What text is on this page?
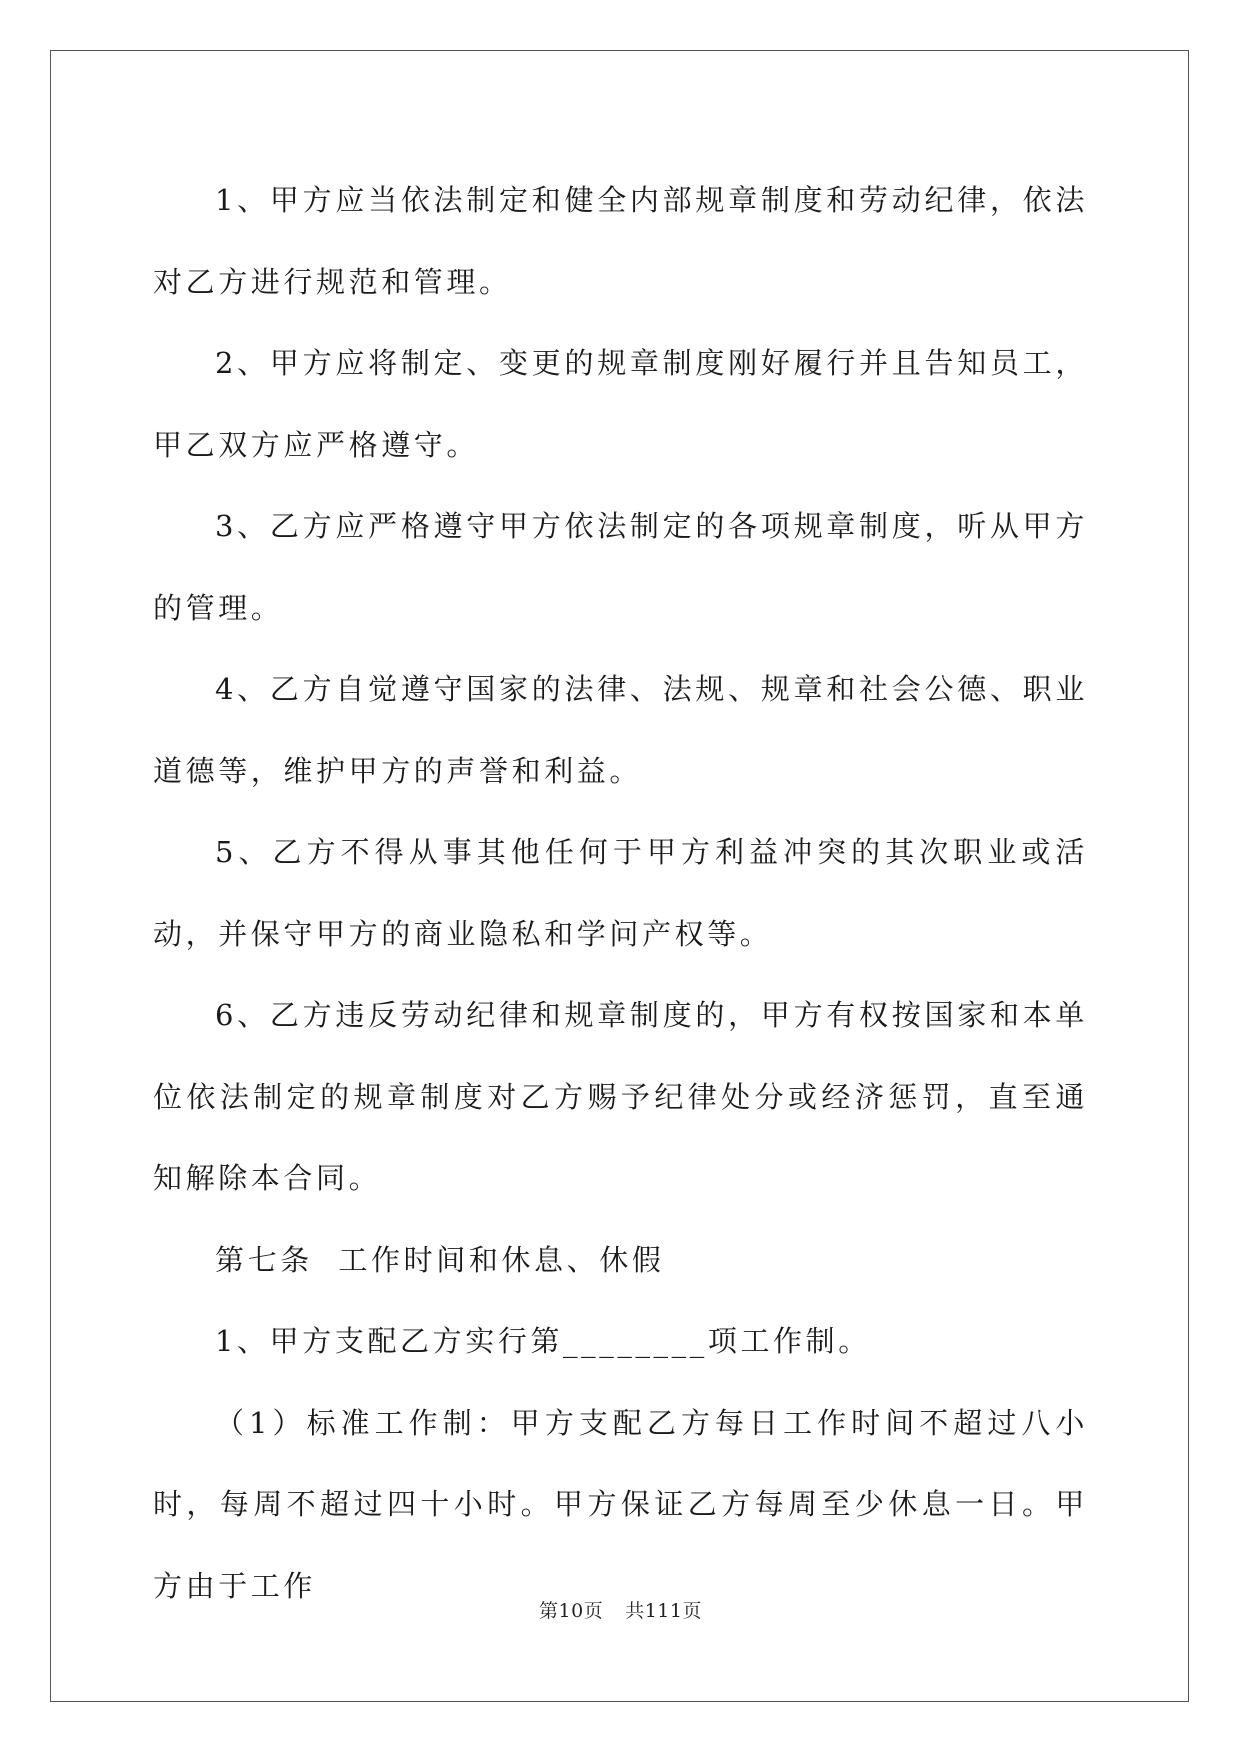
1、甲方应当依法制定和健全内部规章制度和劳动纪律，依法对乙方进行规范和管理。

2、甲方应将制定、变更的规章制度刚好履行并且告知员工，甲乙双方应严格遵守。

3、乙方应严格遵守甲方依法制定的各项规章制度，听从甲方的管理。

4、乙方自觉遵守国家的法律、法规、规章和社会公德、职业道德等，维护甲方的声誉和利益。

5、乙方不得从事其他任何于甲方利益冲突的其次职业或活动，并保守甲方的商业隐私和学问产权等。

6、乙方违反劳动纪律和规章制度的，甲方有权按国家和本单位依法制定的规章制度对乙方赐予纪律处分或经济惩罚，直至通知解除本合同。

第七条  工作时间和休息、休假

1、甲方支配乙方实行第________项工作制。

（1）标准工作制：甲方支配乙方每日工作时间不超过八小时，每周不超过四十小时。甲方保证乙方每周至少休息一日。甲方由于工作

第10页 共111页
